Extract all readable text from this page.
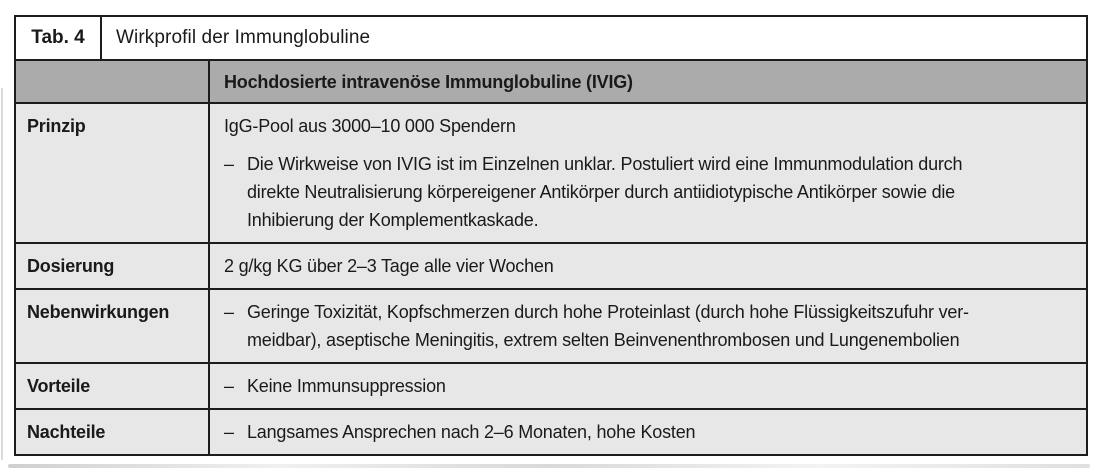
Tab. 4 Wirkprofil der Immunglobuline
Hochdosierte intravenöse Immunglobuline (IVIG)
Prinzip	IgG-Pool aus 3000–10 000 Spendern
– Die Wirkweise von IVIG ist im Einzelnen unklar. Postuliert wird eine Immunmodulation durch
direkte Neutralisierung körpereigener Antikörper durch antiidiotypische Antikörper sowie die
Inhibierung der Komplementkaskade.
Dosierung	2 g/kg KG über 2–3 Tage alle vier Wochen
Nebenwirkungen	– Geringe Toxizität, Kopfschmerzen durch hohe Proteinlast (durch hohe Flüssigkeitszufuhr ver-
meidbar), aseptische Meningitis, extrem selten Beinvenenthrombosen und Lungenembolien
Vorteile	– Keine Immunsuppression
Nachteile	– Langsames Ansprechen nach 2–6 Monaten, hohe Kosten
